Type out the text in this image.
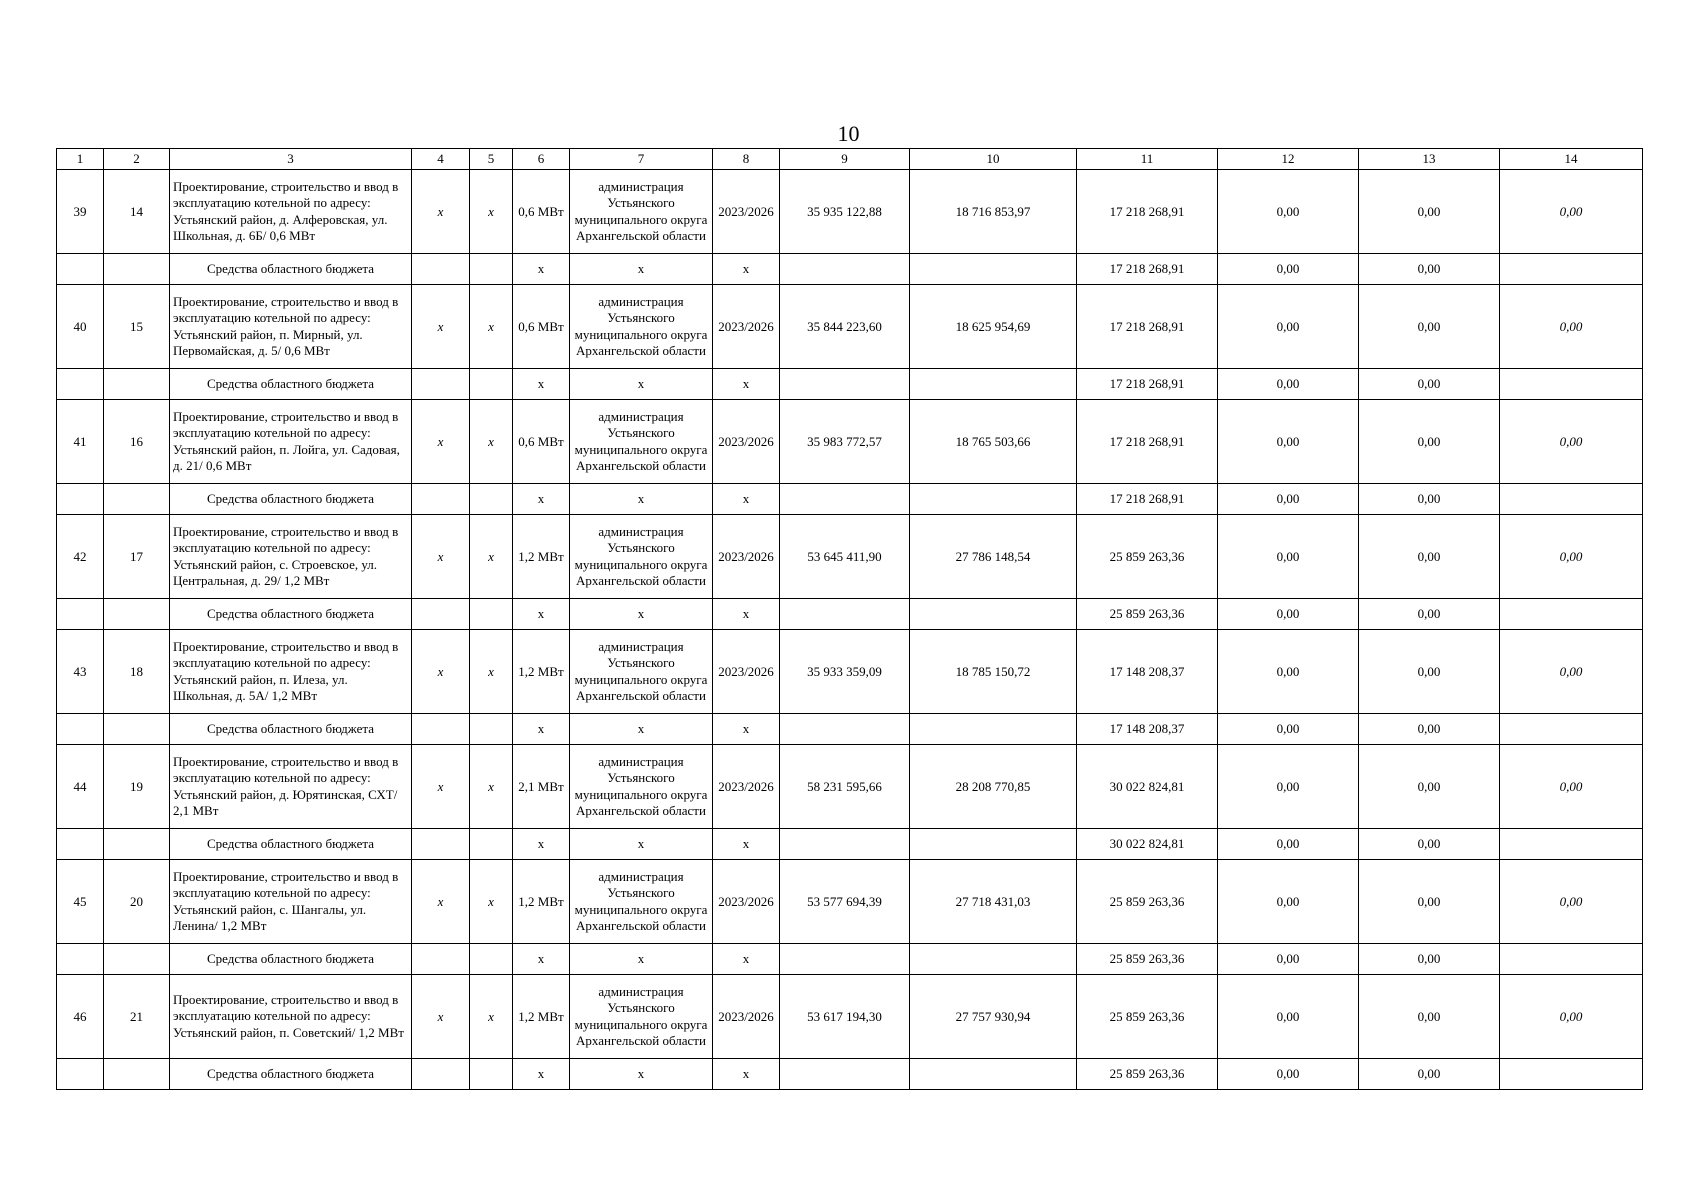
10
1	2	3	4	5	6	7	8	9	10	11	12	13	14
39	14	Проектирование, строительство и ввод в эксплуатацию котельной по адресу: Устьянский район, д. Алферовская, ул. Школьная, д. 6Б/ 0,6 МВт	x	x	0,6 МВт	администрация Устьянского муниципального округа Архангельской области	2023/2026	35 935 122,88	18 716 853,97	17 218 268,91	0,00	0,00	0,00
		Средства областного бюджета			x	x	x			17 218 268,91	0,00	0,00	
40	15	Проектирование, строительство и ввод в эксплуатацию котельной по адресу: Устьянский район, п. Мирный, ул. Первомайская, д. 5/ 0,6 МВт	x	x	0,6 МВт	администрация Устьянского муниципального округа Архангельской области	2023/2026	35 844 223,60	18 625 954,69	17 218 268,91	0,00	0,00	0,00
		Средства областного бюджета			x	x	x			17 218 268,91	0,00	0,00	
41	16	Проектирование, строительство и ввод в эксплуатацию котельной по адресу: Устьянский район, п. Лойга, ул. Садовая, д. 21/ 0,6 МВт	x	x	0,6 МВт	администрация Устьянского муниципального округа Архангельской области	2023/2026	35 983 772,57	18 765 503,66	17 218 268,91	0,00	0,00	0,00
		Средства областного бюджета			x	x	x			17 218 268,91	0,00	0,00	
42	17	Проектирование, строительство и ввод в эксплуатацию котельной по адресу: Устьянский район, с. Строевское, ул. Центральная, д. 29/ 1,2 МВт	x	x	1,2 МВт	администрация Устьянского муниципального округа Архангельской области	2023/2026	53 645 411,90	27 786 148,54	25 859 263,36	0,00	0,00	0,00
		Средства областного бюджета			x	x	x			25 859 263,36	0,00	0,00	
43	18	Проектирование, строительство и ввод в эксплуатацию котельной по адресу: Устьянский район, п. Илеза, ул. Школьная, д. 5А/ 1,2 МВт	x	x	1,2 МВт	администрация Устьянского муниципального округа Архангельской области	2023/2026	35 933 359,09	18 785 150,72	17 148 208,37	0,00	0,00	0,00
		Средства областного бюджета			x	x	x			17 148 208,37	0,00	0,00	
44	19	Проектирование, строительство и ввод в эксплуатацию котельной по адресу: Устьянский район, д. Юрятинская, СХТ/ 2,1 МВт	x	x	2,1 МВт	администрация Устьянского муниципального округа Архангельской области	2023/2026	58 231 595,66	28 208 770,85	30 022 824,81	0,00	0,00	0,00
		Средства областного бюджета			x	x	x			30 022 824,81	0,00	0,00	
45	20	Проектирование, строительство и ввод в эксплуатацию котельной по адресу: Устьянский район, с. Шангалы, ул. Ленина/ 1,2 МВт	x	x	1,2 МВт	администрация Устьянского муниципального округа Архангельской области	2023/2026	53 577 694,39	27 718 431,03	25 859 263,36	0,00	0,00	0,00
		Средства областного бюджета			x	x	x			25 859 263,36	0,00	0,00	
46	21	Проектирование, строительство и ввод в эксплуатацию котельной по адресу: Устьянский район, п. Советский/ 1,2 МВт	x	x	1,2 МВт	администрация Устьянского муниципального округа Архангельской области	2023/2026	53 617 194,30	27 757 930,94	25 859 263,36	0,00	0,00	0,00
		Средства областного бюджета			x	x	x			25 859 263,36	0,00	0,00	
